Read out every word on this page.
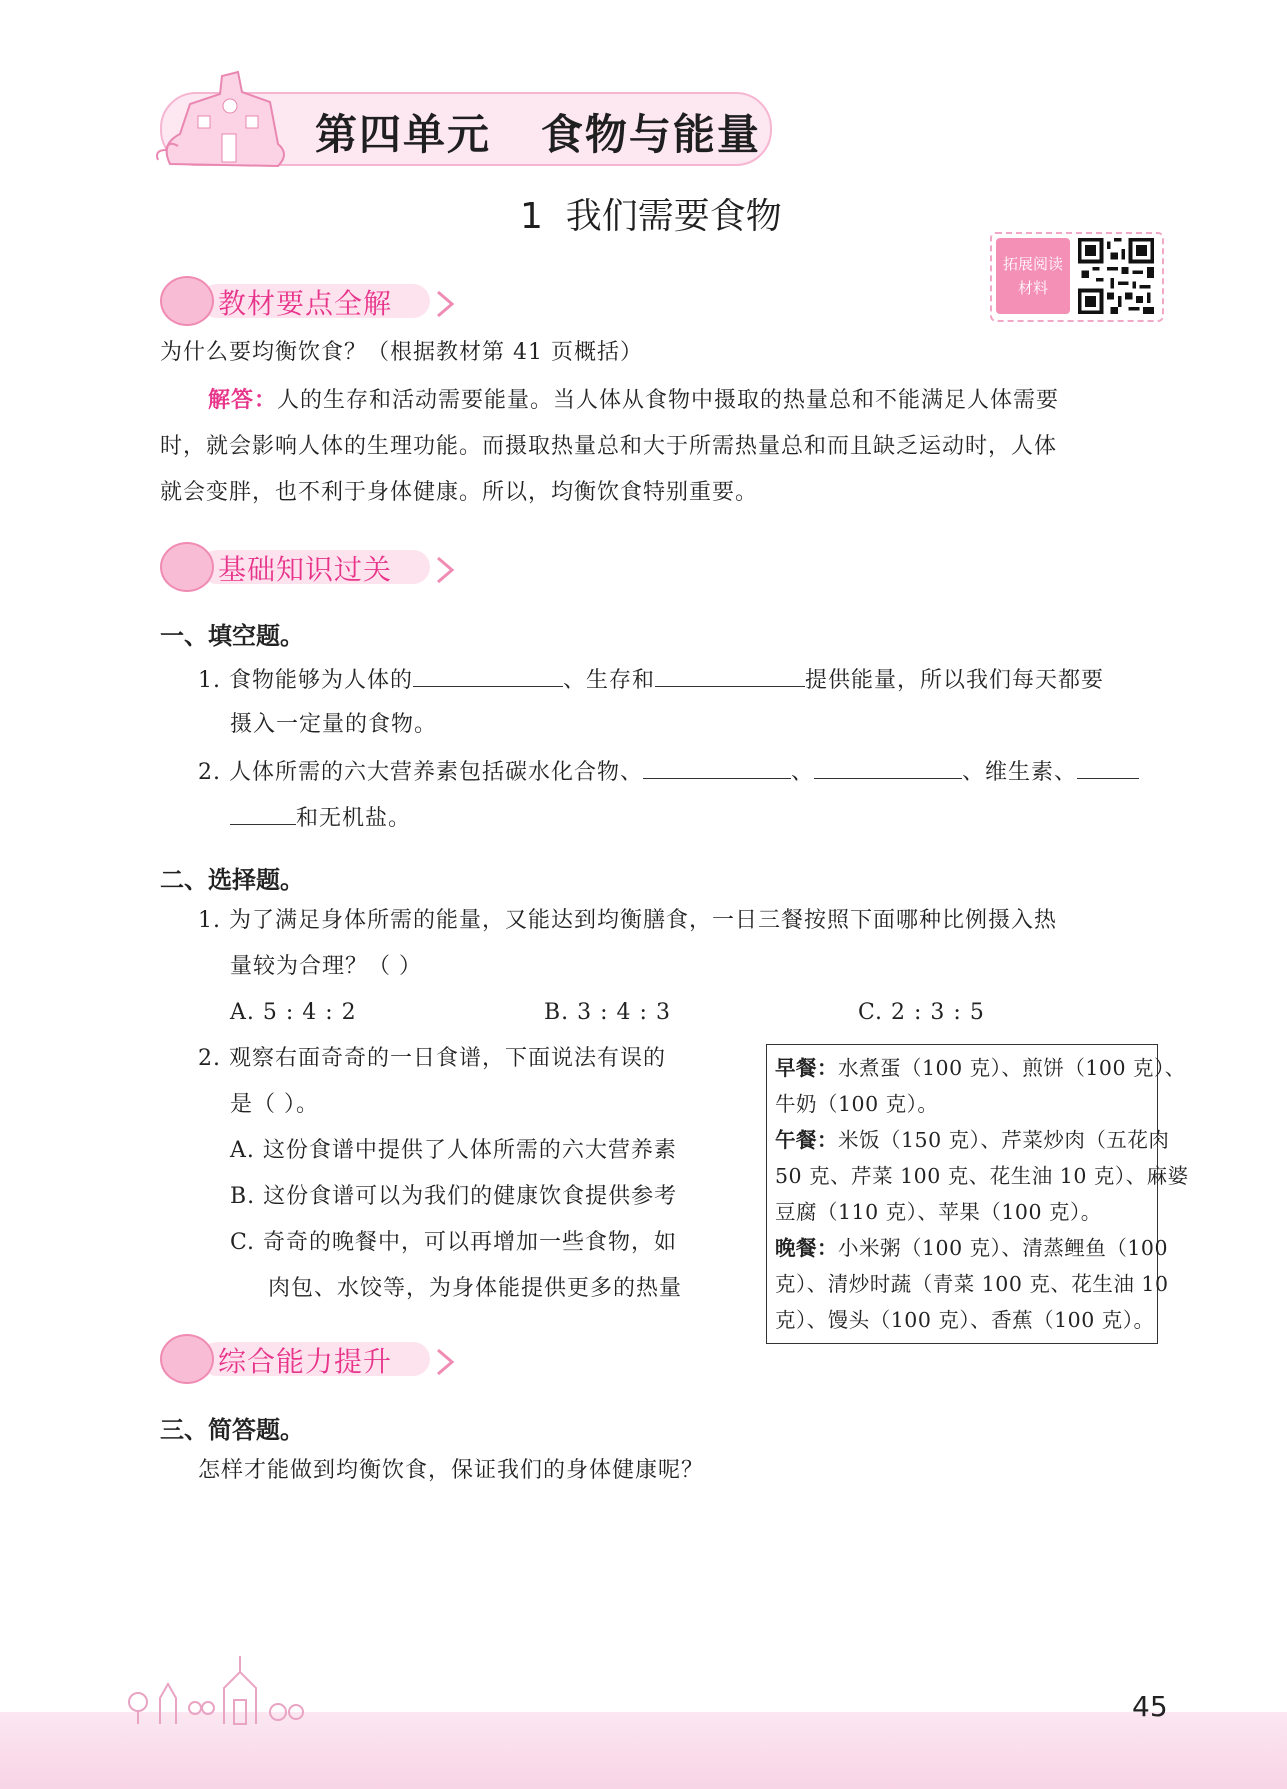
第四单元   食物与能量
1  我们需要食物
拓展阅读
材料
教材要点全解
为什么要均衡饮食？（根据教材第 41 页概括）
解答：人的生存和活动需要能量。当人体从食物中摄取的热量总和不能满足人体需要
时，就会影响人体的生理功能。而摄取热量总和大于所需热量总和而且缺乏运动时，人体
就会变胖，也不利于身体健康。所以，均衡饮食特别重要。
基础知识过关
一、填空题。
1. 食物能够为人体的	、生存和	提供能量，所以我们每天都要
摄入一定量的食物。
2. 人体所需的六大营养素包括碳水化合物、	、	、维生素、
和无机盐。
二、选择题。
1. 为了满足身体所需的能量，又能达到均衡膳食，一日三餐按照下面哪种比例摄入热
量较为合理？（ ）
A. 5 : 4 : 2	B. 3 : 4 : 3	C. 2 : 3 : 5
2. 观察右面奇奇的一日食谱，下面说法有误的
是（ ）。
A. 这份食谱中提供了人体所需的六大营养素
B. 这份食谱可以为我们的健康饮食提供参考
C. 奇奇的晚餐中，可以再增加一些食物，如
肉包、水饺等，为身体能提供更多的热量
早餐：水煮蛋（100 克）、煎饼（100 克）、
牛奶（100 克）。
午餐：米饭（150 克）、芹菜炒肉（五花肉
50 克、芹菜 100 克、花生油 10 克）、麻婆
豆腐（110 克）、苹果（100 克）。
晚餐：小米粥（100 克）、清蒸鲤鱼（100
克）、清炒时蔬（青菜 100 克、花生油 10
克）、馒头（100 克）、香蕉（100 克）。
综合能力提升
三、简答题。
怎样才能做到均衡饮食，保证我们的身体健康呢？
45
